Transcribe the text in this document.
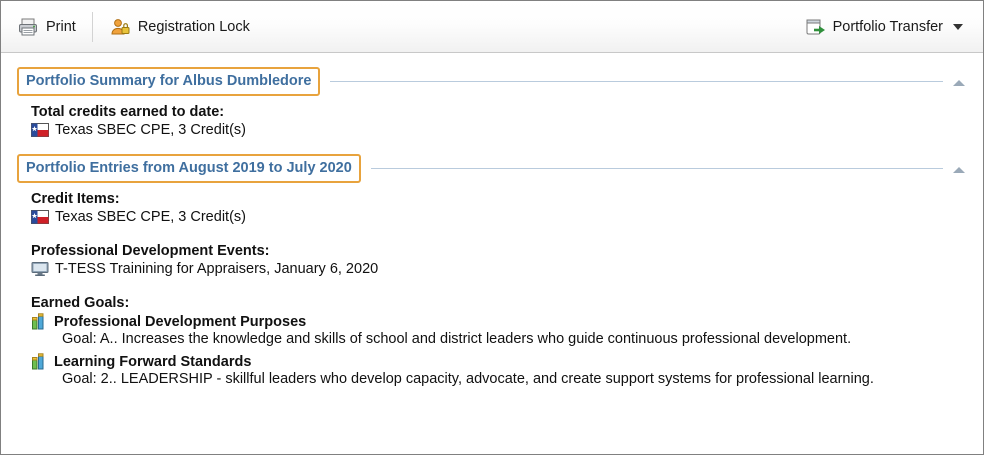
Print	Registration Lock	Portfolio Transfer
Portfolio Summary for Albus Dumbledore
Total credits earned to date:
Texas SBEC CPE, 3 Credit(s)
Portfolio Entries from August 2019 to July 2020
Credit Items:
Texas SBEC CPE, 3 Credit(s)
Professional Development Events:
T-TESS Trainining for Appraisers, January 6, 2020
Earned Goals:
Professional Development Purposes
Goal: A.. Increases the knowledge and skills of school and district leaders who guide continuous professional development.
Learning Forward Standards
Goal: 2.. LEADERSHIP - skillful leaders who develop capacity, advocate, and create support systems for professional learning.
